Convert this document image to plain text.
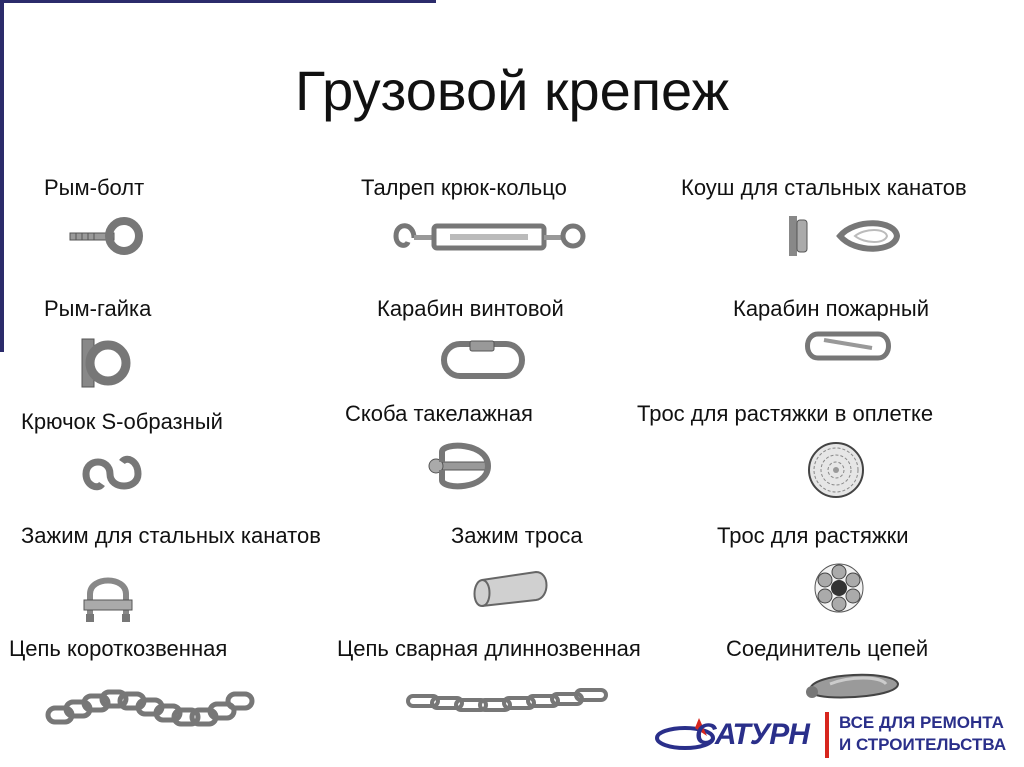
Грузовой крепеж
Рым-болт	Талреп крюк-кольцо	Коуш для стальных канатов
Рым-гайка	Карабин винтовой	Карабин пожарный
Крючок S-образный	Скоба такелажная	Трос для растяжки в оплетке
Зажим для стальных канатов	Зажим троса	Трос для растяжки
Цепь короткозвенная	Цепь сварная длиннозвенная	Соединитель цепей
САТУРН ВСЕ ДЛЯ РЕМОНТА
И СТРОИТЕЛЬСТВА
